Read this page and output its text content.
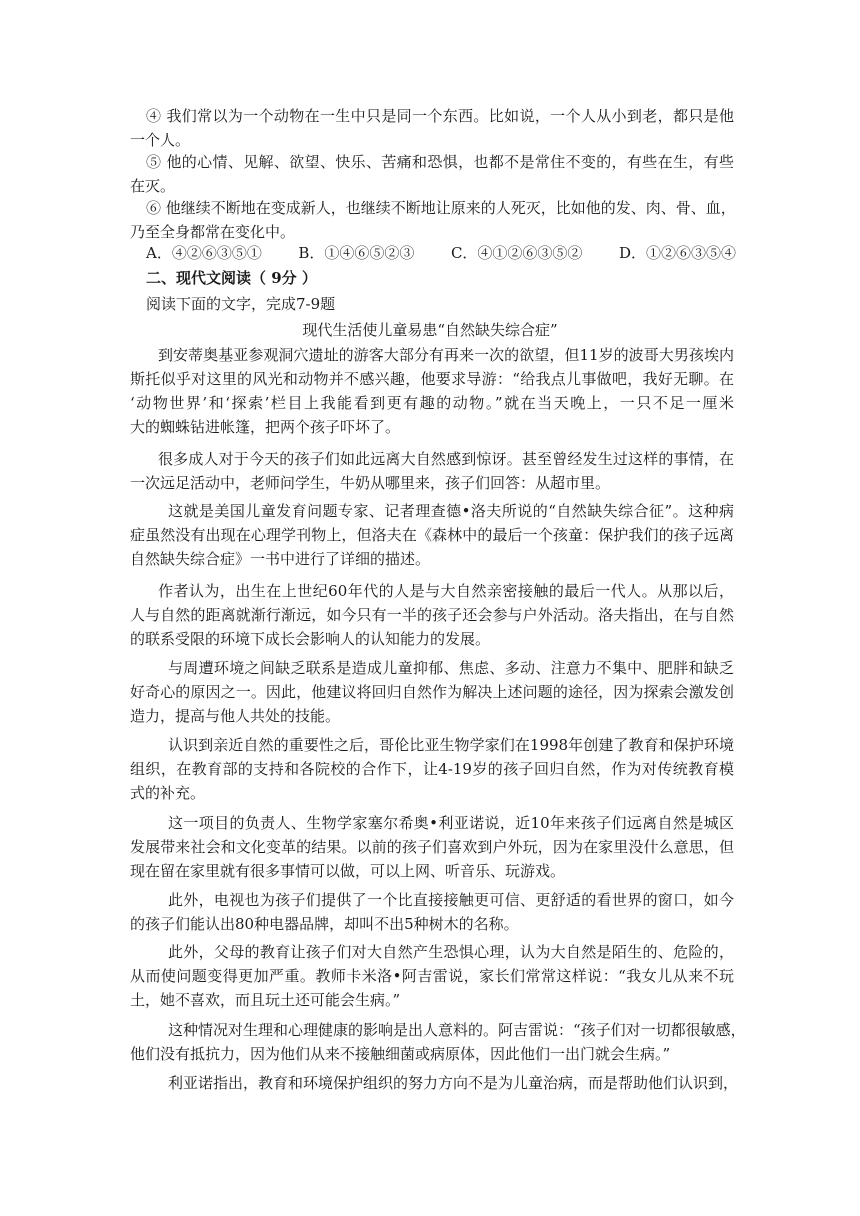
④ 我们常以为一个动物在一生中只是同一个东西。比如说，一个人从小到老，都只是他
一个人。
⑤ 他的心情、见解、欲望、快乐、苦痛和恐惧，也都不是常住不变的，有些在生，有些
在灭。
⑥ 他继续不断地在变成新人，也继续不断地让原来的人死灭，比如他的发、肉、骨、血，
乃至全身都常在变化中。
A．④②⑥③⑤① B．①④⑥⑤②③ C．④①②⑥③⑤② D．①②⑥③⑤④
二、现代文阅读（ 9分 ）
阅读下面的文字，完成7-9题
现代生活使儿童易患“自然缺失综合症”
到安蒂奥基亚参观洞穴遗址的游客大部分有再来一次的欲望，但11岁的波哥大男孩埃内
斯托似乎对这里的风光和动物并不感兴趣，他要求导游：“给我点儿事做吧，我好无聊。在
‘动物世界’和‘探索’栏目上我能看到更有趣的动物。”就在当天晚上，一只不足一厘米
大的蜘蛛钻进帐篷，把两个孩子吓坏了。
很多成人对于今天的孩子们如此远离大自然感到惊讶。甚至曾经发生过这样的事情，在
一次远足活动中，老师问学生，牛奶从哪里来，孩子们回答：从超市里。
这就是美国儿童发育问题专家、记者理查德•洛夫所说的“自然缺失综合征”。这种病
症虽然没有出现在心理学刊物上，但洛夫在《森林中的最后一个孩童：保护我们的孩子远离
自然缺失综合症》一书中进行了详细的描述。
作者认为，出生在上世纪60年代的人是与大自然亲密接触的最后一代人。从那以后，
人与自然的距离就渐行渐远，如今只有一半的孩子还会参与户外活动。洛夫指出，在与自然
的联系受限的环境下成长会影响人的认知能力的发展。
与周遭环境之间缺乏联系是造成儿童抑郁、焦虑、多动、注意力不集中、肥胖和缺乏
好奇心的原因之一。因此，他建议将回归自然作为解决上述问题的途径，因为探索会激发创
造力，提高与他人共处的技能。
认识到亲近自然的重要性之后，哥伦比亚生物学家们在1998年创建了教育和保护环境
组织，在教育部的支持和各院校的合作下，让4-19岁的孩子回归自然，作为对传统教育模
式的补充。
这一项目的负责人、生物学家塞尔希奥•利亚诺说，近10年来孩子们远离自然是城区
发展带来社会和文化变革的结果。以前的孩子们喜欢到户外玩，因为在家里没什么意思，但
现在留在家里就有很多事情可以做，可以上网、听音乐、玩游戏。
此外，电视也为孩子们提供了一个比直接接触更可信、更舒适的看世界的窗口，如今
的孩子们能认出80种电器品牌，却叫不出5种树木的名称。
此外，父母的教育让孩子们对大自然产生恐惧心理，认为大自然是陌生的、危险的，
从而使问题变得更加严重。教师卡米洛•阿吉雷说，家长们常常这样说：“我女儿从来不玩
土，她不喜欢，而且玩土还可能会生病。”
这种情况对生理和心理健康的影响是出人意料的。阿吉雷说：“孩子们对一切都很敏感，
他们没有抵抗力，因为他们从来不接触细菌或病原体，因此他们一出门就会生病。”
利亚诺指出，教育和环境保护组织的努力方向不是为儿童治病，而是帮助他们认识到，
